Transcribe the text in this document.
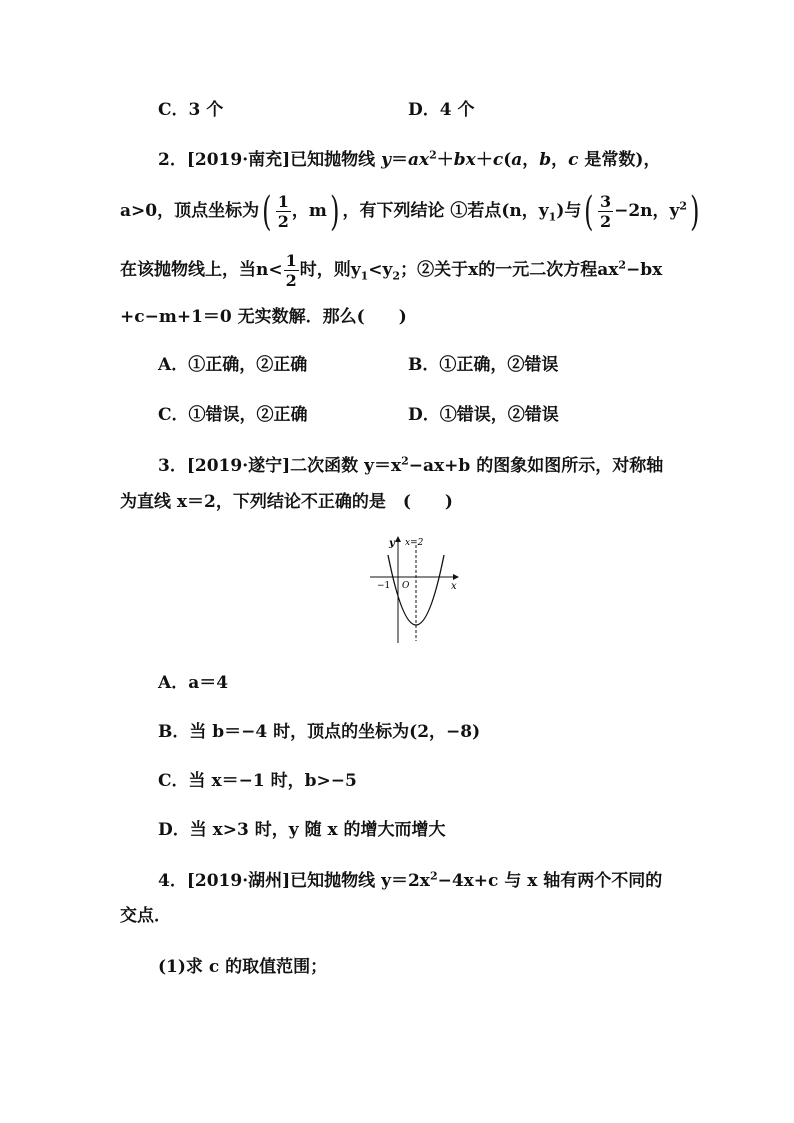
C．3 个	D．4 个
2．[2019·南充]已知抛物线 $y=ax^2+bx+c(a$，b，c 是常数)，
a>0，顶点坐标为( $\frac{1}{2}$ ，m) ，有下列结论 ①若点(n，$y_1$)与( $\frac{3}{2} -2n$，$y^2$)
在该抛物线上，当$n< \frac{1}{2}$ 时，则$y_1<y_2$；②关于x的一元二次方程$ax^2-bx$
+c−m+1＝0 无实数解．那么(　　)
A．①正确，②正确	B．①正确，②错误
C．①错误，②正确	D．①错误，②错误
3．[2019·遂宁]二次函数 $y=x^2-ax+b$ 的图象如图所示，对称轴
为直线 x＝2，下列结论不正确的是　(　　)
y x=2
x
O
−1
A．a＝4
B．当 b＝−4 时，顶点的坐标为(2，−8)
C．当 x＝−1 时，b>−5
D．当 x>3 时，y 随 x 的增大而增大
4．[2019·湖州]已知抛物线 $y=2x^2-4x+c$ 与 x 轴有两个不同的
交点．
(1)求 c 的取值范围；
